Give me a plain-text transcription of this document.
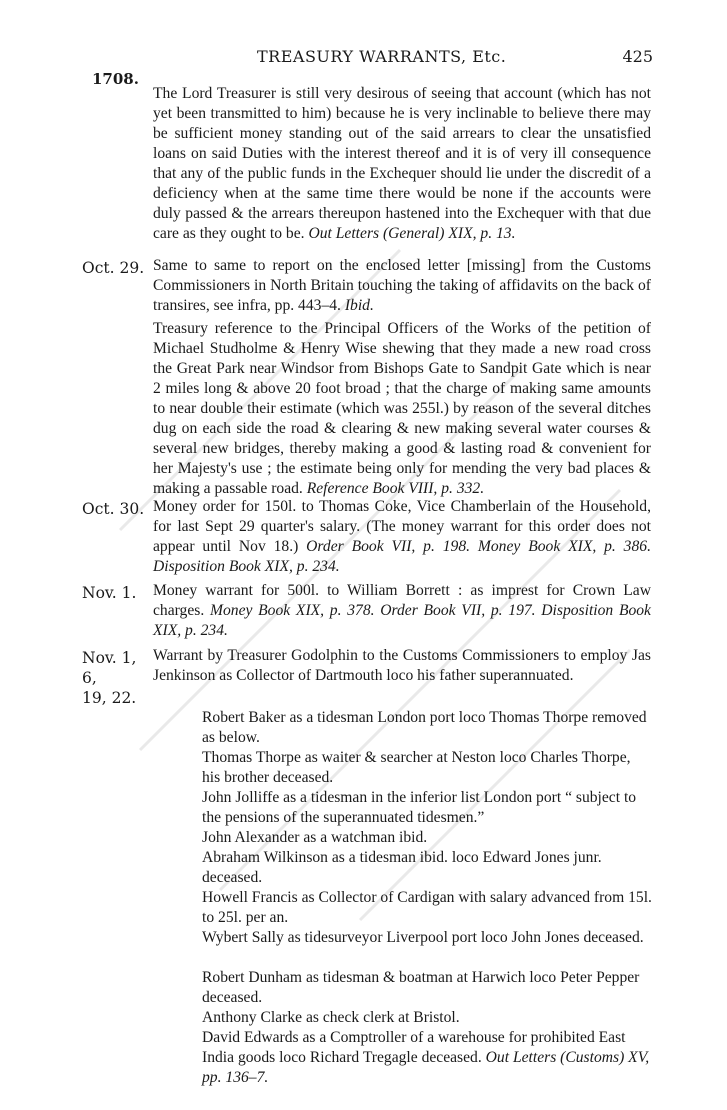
TREASURY WARRANTS, Etc.	425
1708.
The Lord Treasurer is still very desirous of seeing that account (which has not yet been transmitted to him) because he is very inclinable to believe there may be sufficient money standing out of the said arrears to clear the unsatisfied loans on said Duties with the interest thereof and it is of very ill consequence that any of the public funds in the Exchequer should lie under the discredit of a deficiency when at the same time there would be none if the accounts were duly passed & the arrears thereupon hastened into the Exchequer with that due care as they ought to be. Out Letters (General) XIX, p. 13.
Oct. 29. Same to same to report on the enclosed letter [missing] from the Customs Commissioners in North Britain touching the taking of affidavits on the back of transires, see infra, pp. 443–4. Ibid.
Treasury reference to the Principal Officers of the Works of the petition of Michael Studholme & Henry Wise shewing that they made a new road cross the Great Park near Windsor from Bishops Gate to Sandpit Gate which is near 2 miles long & above 20 foot broad ; that the charge of making same amounts to near double their estimate (which was 255l.) by reason of the several ditches dug on each side the road & clearing & new making several water courses & several new bridges, thereby making a good & lasting road & convenient for her Majesty's use ; the estimate being only for mending the very bad places & making a passable road. Reference Book VIII, p. 332.
Oct. 30. Money order for 150l. to Thomas Coke, Vice Chamberlain of the Household, for last Sept 29 quarter's salary. (The money warrant for this order does not appear until Nov 18.) Order Book VII, p. 198. Money Book XIX, p. 386. Disposition Book XIX, p. 234.
Nov. 1.	Money warrant for 500l. to William Borrett : as imprest for Crown Law charges. Money Book XIX, p. 378. Order Book VII, p. 197. Disposition Book XIX, p. 234.
Nov. 1, 6,
19, 22.
Warrant by Treasurer Godolphin to the Customs Commissioners to employ Jas Jenkinson as Collector of Dartmouth loco his father superannuated.
Robert Baker as a tidesman London port loco Thomas Thorpe removed as below.
Thomas Thorpe as waiter & searcher at Neston loco Charles Thorpe, his brother deceased.
John Jolliffe as a tidesman in the inferior list London port “ subject to the pensions of the superannuated tidesmen.”
John Alexander as a watchman ibid.
Abraham Wilkinson as a tidesman ibid. loco Edward Jones junr. deceased.
Howell Francis as Collector of Cardigan with salary advanced from 15l. to 25l. per an.
Wybert Sally as tidesurveyor Liverpool port loco John Jones deceased.
Robert Dunham as tidesman & boatman at Harwich loco Peter Pepper deceased.
Anthony Clarke as check clerk at Bristol.
David Edwards as a Comptroller of a warehouse for prohibited East India goods loco Richard Tregagle deceased. Out Letters (Customs) XV, pp. 136–7.
